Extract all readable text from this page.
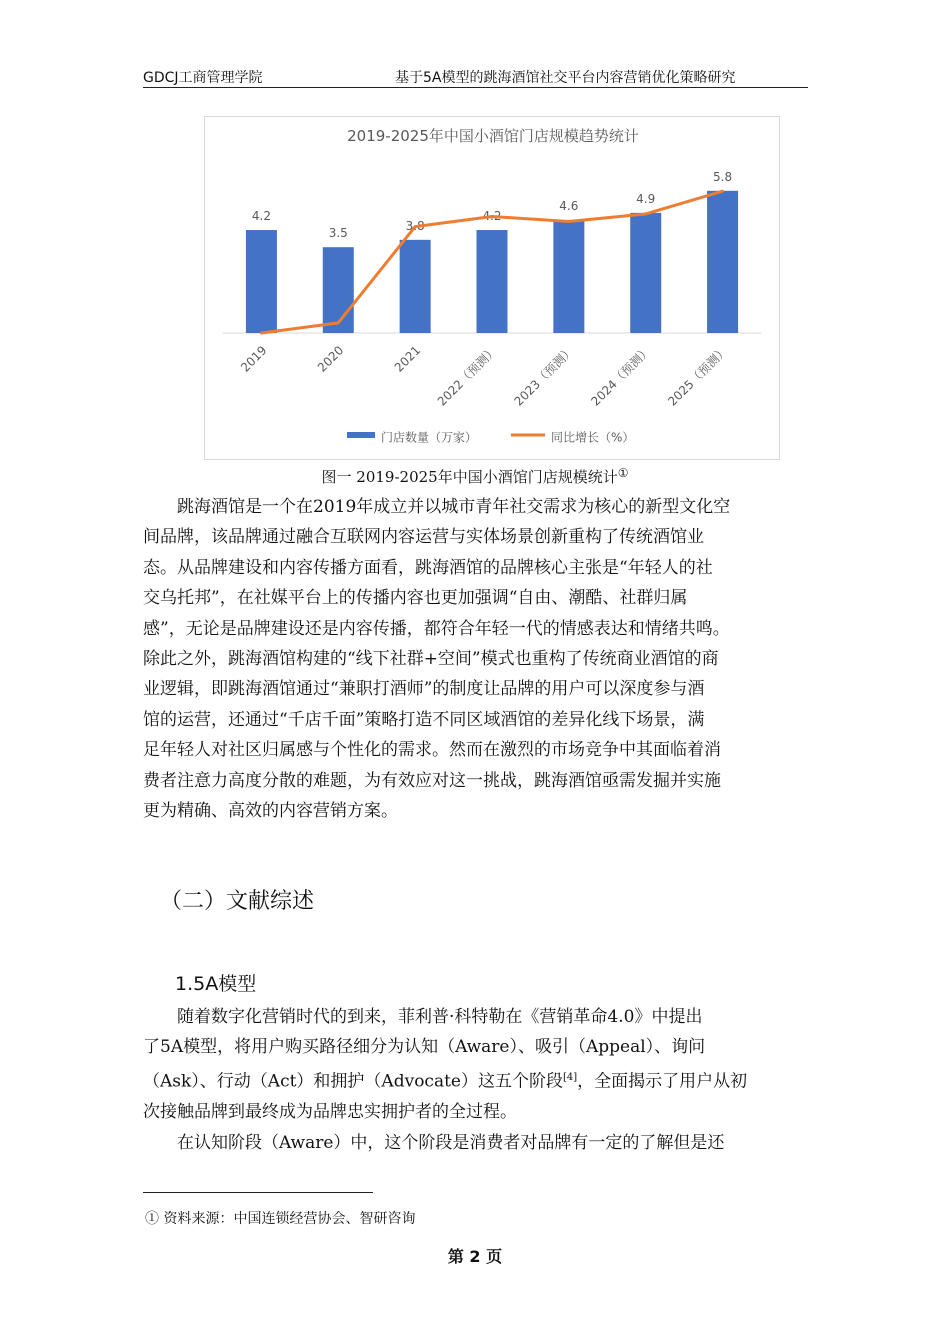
GDCJ工商管理学院	基于5A模型的跳海酒馆社交平台内容营销优化策略研究
2019-2025年中国小酒馆门店规模趋势统计
4.2
2019
3.5
2020
3.8
2021
4.2
2022（预测）
4.6
2023（预测）
4.9
2024（预测）
5.8
2025（预测）
门店数量（万家）	同比增长（%）
图一 2019-2025年中国小酒馆门店规模统计①
跳海酒馆是一个在2019年成立并以城市青年社交需求为核心的新型文化空
间品牌，该品牌通过融合互联网内容运营与实体场景创新重构了传统酒馆业
态。从品牌建设和内容传播方面看，跳海酒馆的品牌核心主张是“年轻人的社
交乌托邦”，在社媒平台上的传播内容也更加强调“自由、潮酷、社群归属
感”，无论是品牌建设还是内容传播，都符合年轻一代的情感表达和情绪共鸣。
除此之外，跳海酒馆构建的“线下社群+空间”模式也重构了传统商业酒馆的商
业逻辑，即跳海酒馆通过“兼职打酒师”的制度让品牌的用户可以深度参与酒
馆的运营，还通过“千店千面”策略打造不同区域酒馆的差异化线下场景，满
足年轻人对社区归属感与个性化的需求。然而在激烈的市场竞争中其面临着消
费者注意力高度分散的难题，为有效应对这一挑战，跳海酒馆亟需发掘并实施
更为精确、高效的内容营销方案。
（二）文献综述
1.5A模型
随着数字化营销时代的到来，菲利普·科特勒在《营销革命4.0》中提出
了5A模型，将用户购买路径细分为认知（Aware）、吸引（Appeal）、询问
（Ask）、行动（Act）和拥护（Advocate）这五个阶段[4]，全面揭示了用户从初
次接触品牌到最终成为品牌忠实拥护者的全过程。
在认知阶段（Aware）中，这个阶段是消费者对品牌有一定的了解但是还
① 资料来源：中国连锁经营协会、智研咨询
第 2 页
